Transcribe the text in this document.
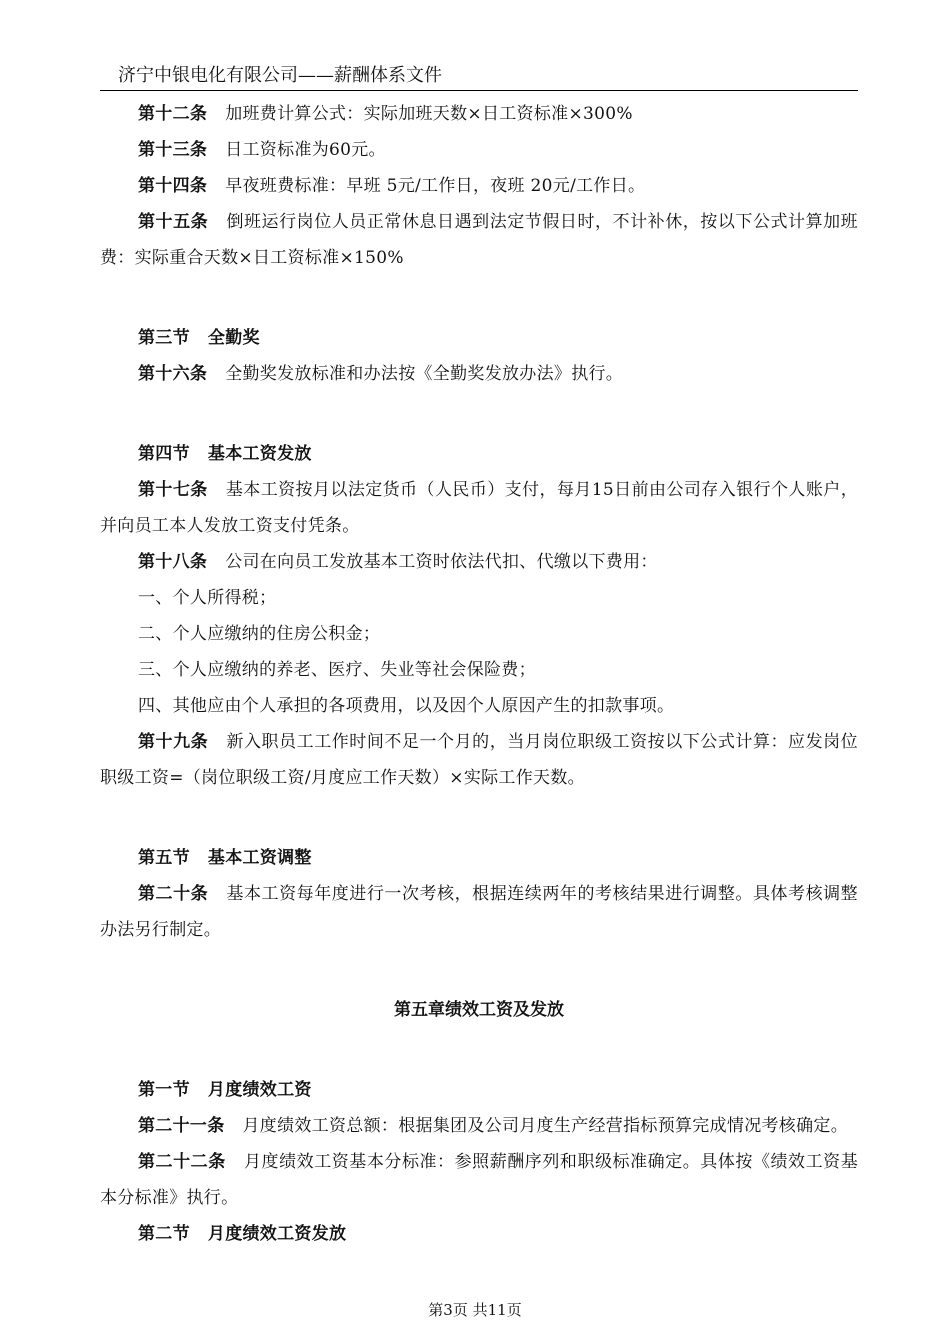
济宁中银电化有限公司——薪酬体系文件

第十二条 加班费计算公式：实际加班天数×日工资标准×300%

第十三条 日工资标准为60元。

第十四条 早夜班费标准：早班 5元/工作日，夜班 20元/工作日。

第十五条 倒班运行岗位人员正常休息日遇到法定节假日时，不计补休，按以下公式计算加班费：实际重合天数×日工资标准×150%

第三节 全勤奖

第十六条 全勤奖发放标准和办法按《全勤奖发放办法》执行。

第四节 基本工资发放

第十七条 基本工资按月以法定货币（人民币）支付，每月15日前由公司存入银行个人账户，并向员工本人发放工资支付凭条。

第十八条 公司在向员工发放基本工资时依法代扣、代缴以下费用：

一、个人所得税；

二、个人应缴纳的住房公积金；

三、个人应缴纳的养老、医疗、失业等社会保险费；

四、其他应由个人承担的各项费用，以及因个人原因产生的扣款事项。

第十九条 新入职员工工作时间不足一个月的，当月岗位职级工资按以下公式计算：应发岗位职级工资=（岗位职级工资/月度应工作天数）×实际工作天数。

第五节 基本工资调整

第二十条 基本工资每年度进行一次考核，根据连续两年的考核结果进行调整。具体考核调整办法另行制定。

第五章绩效工资及发放

第一节 月度绩效工资

第二十一条 月度绩效工资总额：根据集团及公司月度生产经营指标预算完成情况考核确定。

第二十二条 月度绩效工资基本分标准：参照薪酬序列和职级标准确定。具体按《绩效工资基本分标准》执行。

第二节 月度绩效工资发放

第3页 共11页
